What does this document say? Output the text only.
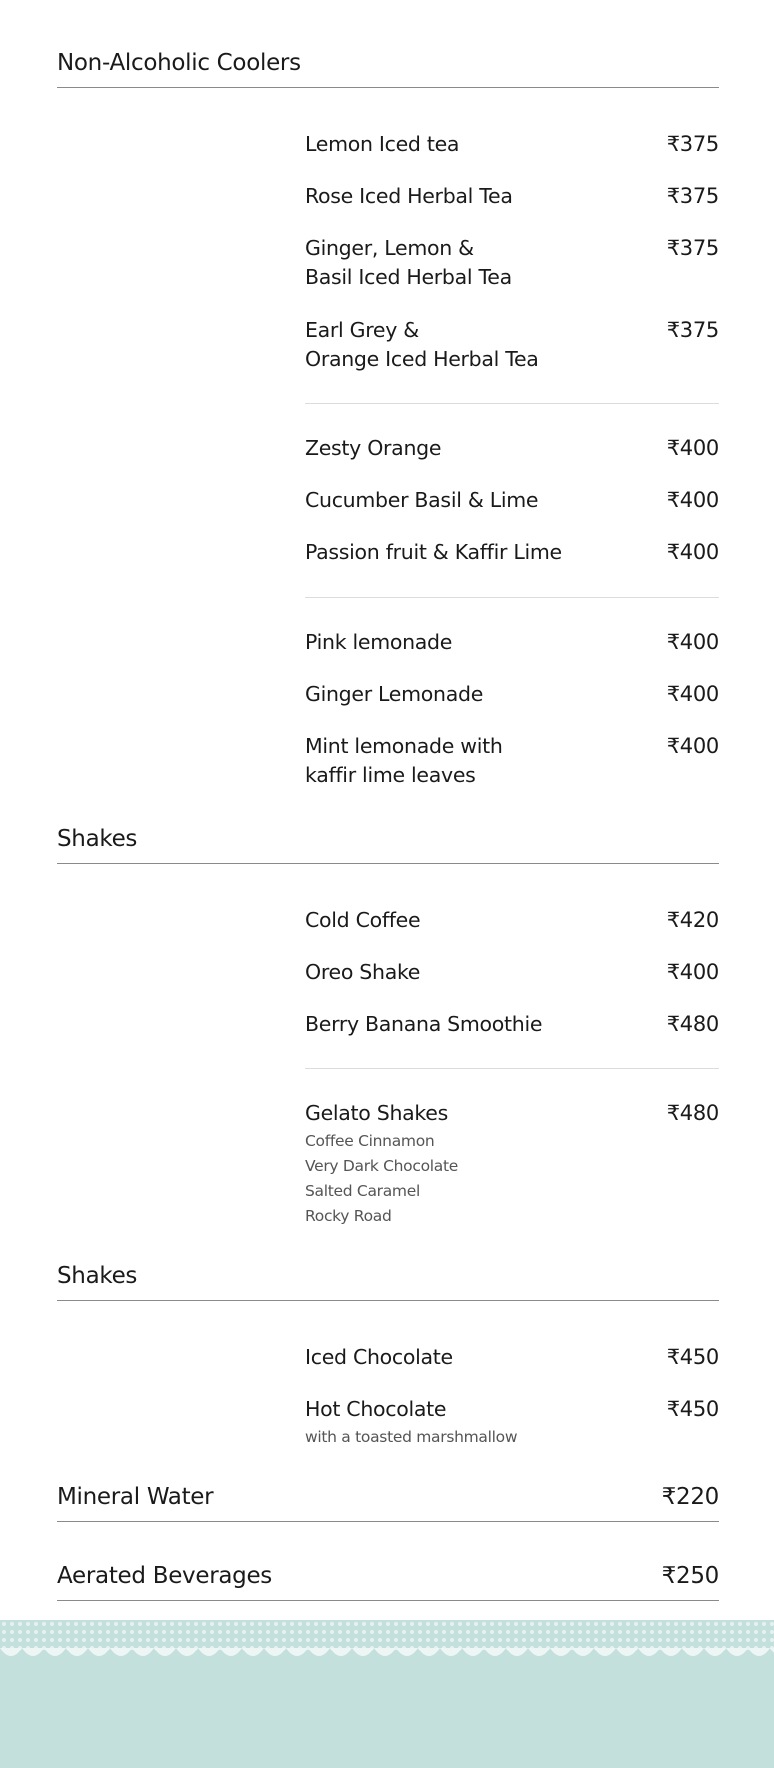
Non-Alcoholic Coolers
Lemon Iced tea	₹375
Rose Iced Herbal Tea	₹375
Ginger, Lemon &
Basil Iced Herbal Tea
₹375
Earl Grey &
Orange Iced Herbal Tea
₹375
Zesty Orange	₹400
Cucumber Basil & Lime	₹400
Passion fruit & Kaffir Lime	₹400
Pink lemonade	₹400
Ginger Lemonade	₹400
Mint lemonade with
kaffir lime leaves
₹400
Shakes
Cold Coffee	₹420
Oreo Shake	₹400
Berry Banana Smoothie	₹480
Gelato Shakes	₹480
Coffee Cinnamon
Very Dark Chocolate
Salted Caramel
Rocky Road
Shakes
Iced Chocolate	₹450
Hot Chocolate	₹450
with a toasted marshmallow
Mineral Water	₹220
Aerated Beverages	₹250
